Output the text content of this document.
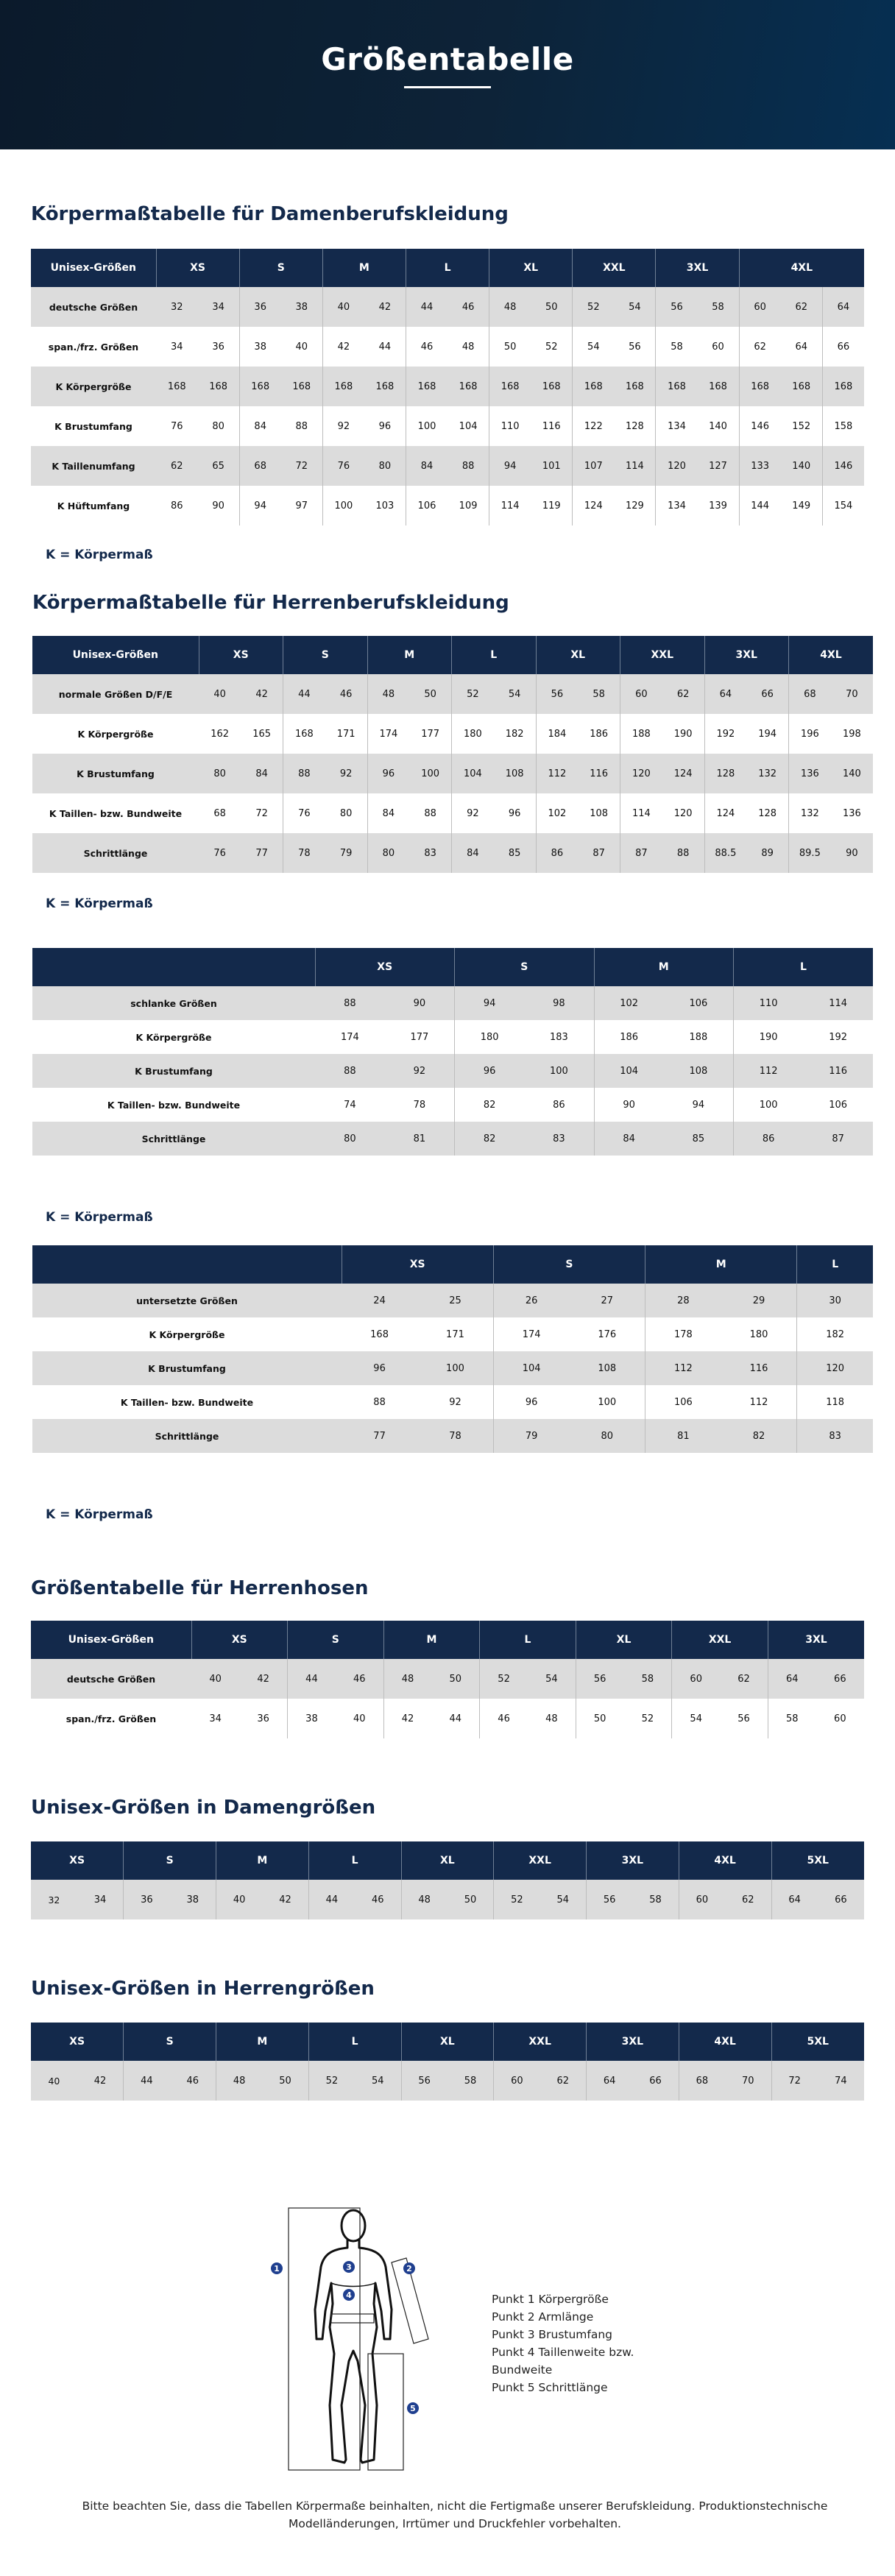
Größentabelle
Körpermaßtabelle für Damenberufskleidung
Unisex-Größen	XS		S		M		L		XL		XXL		3XL		4XL		
deutsche Größen	32	34	36	38	40	42	44	46	48	50	52	54	56	58	60	62	64
span./frz. Größen	34	36	38	40	42	44	46	48	50	52	54	56	58	60	62	64	66
K Körpergröße	168	168	168	168	168	168	168	168	168	168	168	168	168	168	168	168	168
K Brustumfang	76	80	84	88	92	96	100	104	110	116	122	128	134	140	146	152	158
K Taillenumfang	62	65	68	72	76	80	84	88	94	101	107	114	120	127	133	140	146
K Hüftumfang	86	90	94	97	100	103	106	109	114	119	124	129	134	139	144	149	154
K = Körpermaß
Körpermaßtabelle für Herrenberufskleidung
Unisex-Größen	XS		S		M		L		XL		XXL		3XL		4XL	
normale Größen D/F/E	40	42	44	46	48	50	52	54	56	58	60	62	64	66	68	70
K Körpergröße	162	165	168	171	174	177	180	182	184	186	188	190	192	194	196	198
K Brustumfang	80	84	88	92	96	100	104	108	112	116	120	124	128	132	136	140
K Taillen- bzw. Bundweite	68	72	76	80	84	88	92	96	102	108	114	120	124	128	132	136
Schrittlänge	76	77	78	79	80	83	84	85	86	87	87	88	88.5	89	89.5	90
K = Körpermaß
	XS		S		M		L	
schlanke Größen	88	90	94	98	102	106	110	114
K Körpergröße	174	177	180	183	186	188	190	192
K Brustumfang	88	92	96	100	104	108	112	116
K Taillen- bzw. Bundweite	74	78	82	86	90	94	100	106
Schrittlänge	80	81	82	83	84	85	86	87
K = Körpermaß
	XS		S		M		L
untersetzte Größen	24	25	26	27	28	29	30
K Körpergröße	168	171	174	176	178	180	182
K Brustumfang	96	100	104	108	112	116	120
K Taillen- bzw. Bundweite	88	92	96	100	106	112	118
Schrittlänge	77	78	79	80	81	82	83
K = Körpermaß
Größentabelle für Herrenhosen
Unisex-Größen	XS		S		M		L		XL		XXL		3XL	
deutsche Größen	40	42	44	46	48	50	52	54	56	58	60	62	64	66
span./frz. Größen	34	36	38	40	42	44	46	48	50	52	54	56	58	60
Unisex-Größen in Damengrößen
XS		S		M		L		XL		XXL		3XL		4XL		5XL	
32	34	36	38	40	42	44	46	48	50	52	54	56	58	60	62	64	66
Unisex-Größen in Herrengrößen
XS		S		M		L		XL		XXL		3XL		4XL		5XL	
40	42	44	46	48	50	52	54	56	58	60	62	64	66	68	70	72	74
1	2
3
4
5
Punkt 1 Körpergröße
Punkt 2 Armlänge
Punkt 3 Brustumfang
Punkt 4 Taillenweite bzw. Bundweite
Punkt 5 Schrittlänge
Bitte beachten Sie, dass die Tabellen Körpermaße beinhalten, nicht die Fertigmaße unserer Berufskleidung. Produktionstechnische Modelländerungen, Irrtümer und Druckfehler vorbehalten.
